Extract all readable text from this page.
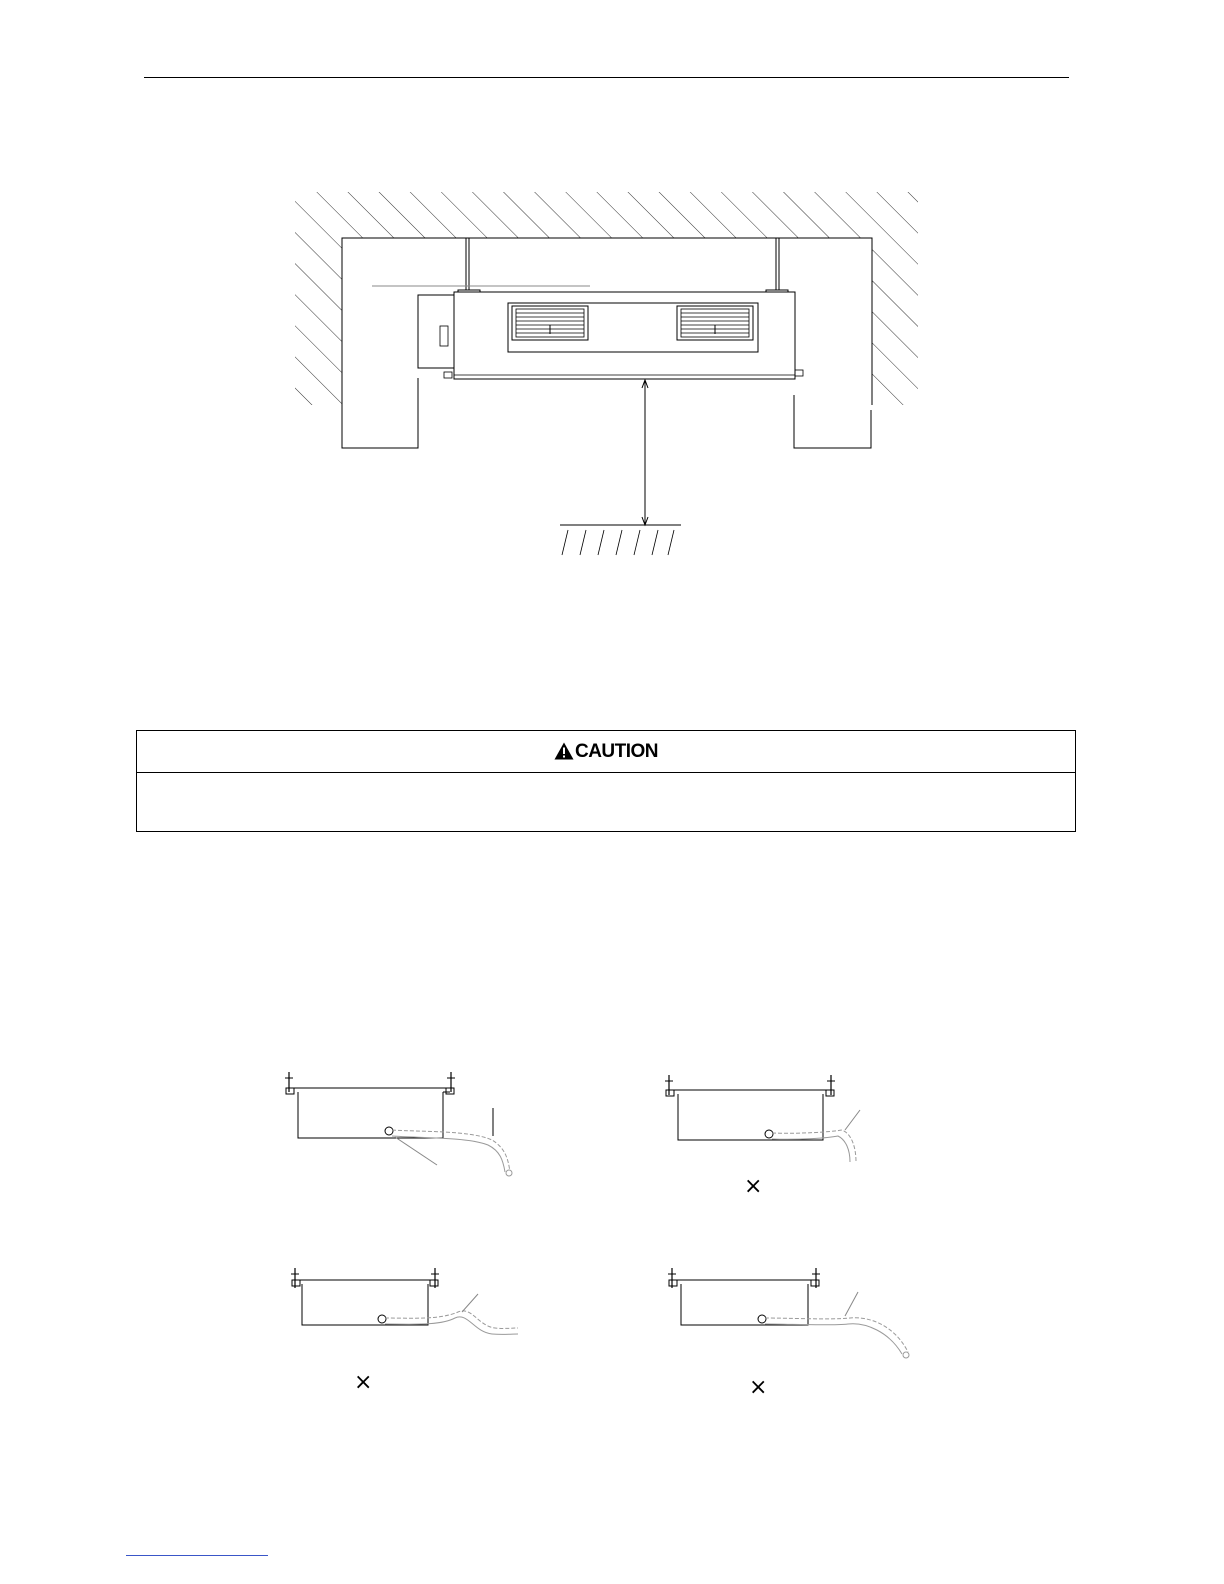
CAUTION
×
×	×
